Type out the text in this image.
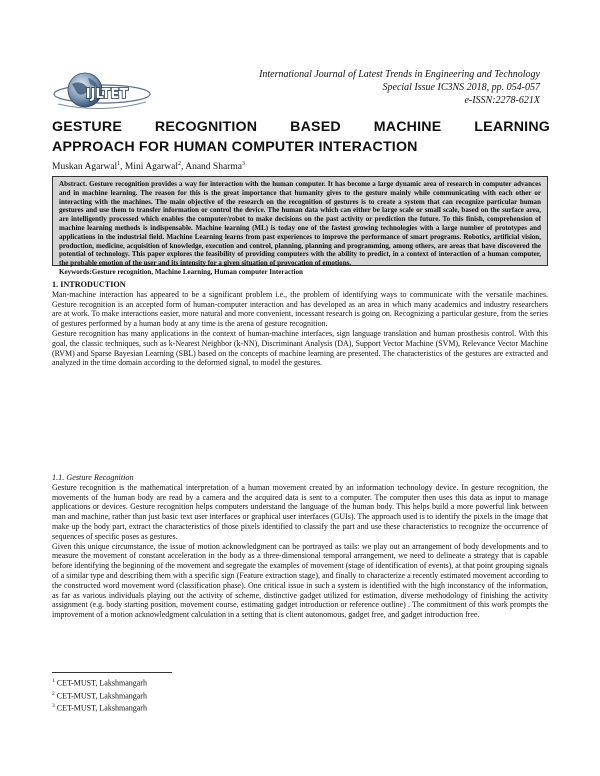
IJLTET
International Journal of Latest Trends in Engineering and Technology
Special Issue IC3NS 2018, pp. 054-057
e-ISSN:2278-621X
GESTURE RECOGNITION BASED MACHINE LEARNING
APPROACH FOR HUMAN COMPUTER INTERACTION
Muskan Agarwal$^1$, Mini Agarwal$^2$, Anand Sharma$^3$

Abstract. Gesture recognition provides a way for interaction with the human computer. It has become a large dynamic area of research in computer advances and in machine learning. The reason for this is the great importance that humanity gives to the gesture mainly while communicating with each other or interacting with the machines. The main objective of the research on the recognition of gestures is to create a system that can recognize particular human gestures and use them to transfer information or control the device. The human data which can either be large scale or small scale, based on the surface area, are intelligently processed which enables the computer/robot to make decisions on the past activity or prediction the future. To this finish, comprehension of machine learning methods is indispensable. Machine learning (ML) is today one of the fastest growing technologies with a large number of prototypes and applications in the industrial field. Machine Learning learns from past experiences to improve the performance of smart programs. Robotics, artificial vision, production, medicine, acquisition of knowledge, execution and control, planning, planning and programming, among others, are areas that have discovered the potential of technology. This paper explores the feasibility of providing computers with the ability to predict, in a context of interaction of a human computer, the probable emotion of the user and its intensity for a given situation of provocation of emotions.

Keywords:Gesture recognition, Machine Learning, Human computer Interaction

1. INTRODUCTION

Man-machine interaction has appeared to be a significant problem i.e., the problem of identifying ways to communicate with the versatile machines. Gesture recognition is an accepted form of human-computer interaction and has developed as an area in which many academics and industry researchers are at work. To make interactions easier, more natural and more convenient, incessant research is going on. Recognizing a particular gesture, from the series of gestures performed by a human body at any time is the arena of gesture recognition.

Gesture recognition has many applications in the context of human-machine interfaces, sign language translation and human prosthesis control. With this goal, the classic techniques, such as k-Nearest Neighbor (k-NN), Discriminant Analysis (DA), Support Vector Machine (SVM), Relevance Vector Machine (RVM) and Sparse Bayesian Learning (SBL) based on the concepts of machine learning are presented. The characteristics of the gestures are extracted and analyzed in the time domain according to the deformed signal, to model the gestures.

1.1. Gesture Recognition

Gesture recognition is the mathematical interpretation of a human movement created by an information technology device. In gesture recognition, the movements of the human body are read by a camera and the acquired data is sent to a computer. The computer then uses this data as input to manage applications or devices. Gesture recognition helps computers understand the language of the human body. This helps build a more powerful link between man and machine, rather than just basic text user interfaces or graphical user interfaces (GUIs). The approach used is to identify the pixels in the image that make up the body part, extract the characteristics of those pixels identified to classify the part and use these characteristics to recognize the occurrence of sequences of specific poses as gestures.

Given this unique circumstance, the issue of motion acknowledgment can be portrayed as tails: we play out an arrangement of body developments and to measure the movement of constant acceleration in the body as a three-dimensional temporal arrangement, we need to delineate a strategy that is capable before identifying the beginning of the movement and segregate the examples of movement (stage of identification of events), at that point grouping signals of a similar type and describing them with a specific sign (Feature extraction stage), and finally to characterize a recently estimated movement according to the constructed word movement word (classification phase). One critical issue in such a system is identified with the high inconstancy of the information, as far as various individuals playing out the activity of scheme, distinctive gadget utilized for estimation, diverse methodology of finishing the activity assignment (e.g. body starting position, movement course, estimating gadget introduction or reference outline) . The commitment of this work prompts the improvement of a motion acknowledgment calculation in a setting that is client autonomous, gadget free, and gadget introduction free.

$^1$ CET-MUST, Lakshmangarh
$^2$ CET-MUST, Lakshmangarh
$^3$ CET-MUST, Lakshmangarh
